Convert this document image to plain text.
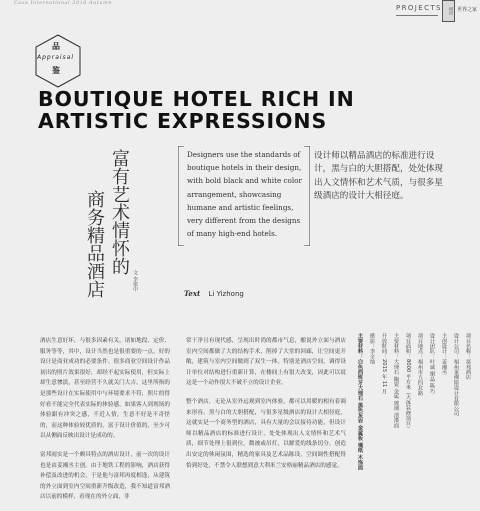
Casa International 2016 Autumn
PROJECTS	项目 世界之家
品
Appraisal
鉴
BOUTIQUE HOTEL RICH IN ARTISTIC EXPRESSIONS
富有艺术情怀的
商务精品酒店	文 李依中
Designers use the standards of boutique hotels in their design, with bold black and white color arrangement, showcasing humane and artistic feelings, very different from the designs of many high-end hotels.
设计师以精品酒店的标准进行设计，黑与白的大胆搭配，处处体现出人文情怀和艺术气质，与很多星级酒店的设计大相径庭。
Text Li Yizhong

酒店生意好坏，与很多因素有关，诸如地段、定价、服务等等，其中，设计当然也是很重要的一点，好的设计是商业成功的必要条件。很多商业空间设计作品初出的照片效果很好，却经不起实际使用，但实际上却生意惨淡，甚至经营不久就关门大吉。这里所指的是那些设计在实际使用中与环境要求不符，照片的得好看不能完全代表实际的体验感，如果客人到现场的体验跟有冲突之感，不近人情，生意不好是不奇怪的，而这种体验较优质的，富于设计价值的，至少可以从侧面反映出设计是成功的。

富邦雨实是一个颇具特点的酒店设计，前一次的设计也是由姜湘丞主创。由于地铁工程的影响，酒店获得补偿及改进的机会，于是他与富邦再度相逢，从建筑的外立面到室内空间重新升级改造，我不知道富邦酒店以前的模样，看现在的外立面，非

常干净且有现代感，呈现出时尚的都市气息，酿说外立面与酒店室内空间都做了大的结构手术，削掉了大堂的回廊，让空间更开敞，建筑与室内空间做到了双生一体。特别是酒店空间，调得设计单位对结构进行重新计算，在楼间上有很大改变，因此可以说这是一个动作很大不破不立的设计企业。

整个酒店，无论从室外远观到室内体验，都可以用暖的相有着调来形容。黑与白的大胆搭配，与很多星级酒店的设计大相径庭，这就实是一个商务型的酒店，具有大量的会议接待功能，但设计师以精品酒店的标准进行设计，处处体现出人文情怀和艺术气质，细节处理上很到位，微被或吊灯，以解爱的线条切分，创造出安定的休闲氛围，精选的家具及艺术品陈设，空间调性搭配得恰到好处，不禁令人联想到意大利米兰安格丽精品酒店的感觉。

项目名称：富邦酒店
设计公司：福州莱佛斯设计有限公司
主创设计：姜湘丞
设计团队：叶诚 谢晶 陈巧
项目地点：福州市五四北路
项目面积：8000 平方米（大体装修项目）
主要材料：大理石 陶瓷 金属 玻璃 清漆面
开放时间：2015 年 11 月
摄影：李全灿
主要材料：白色西班牙大理石 黑色灰岩 金属板 墙纸 木饰面
